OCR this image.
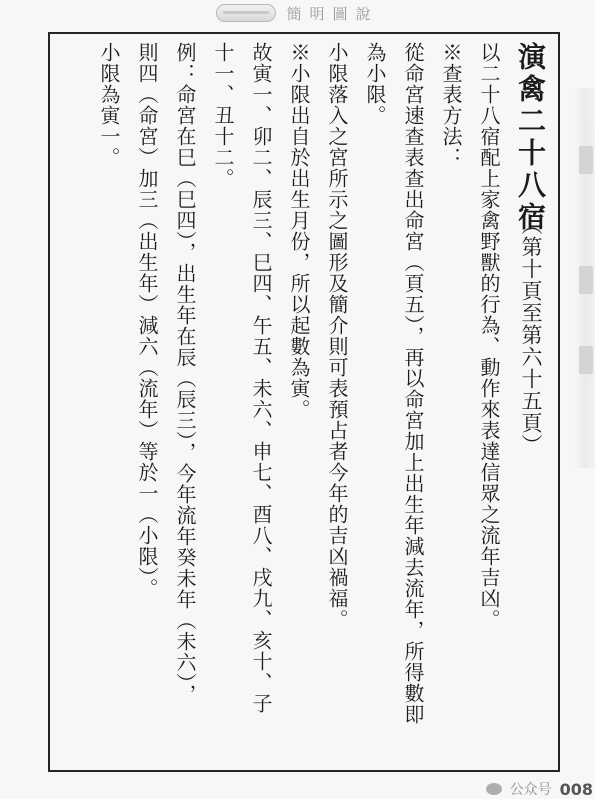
簡明圖說
演禽二十八宿
（第十頁至第六十五頁）
以二十八宿配上家禽野獸的行為、動作來表達信眾之流年吉凶。
※查表方法：
從命宮速查表查出命宮（頁五），再以命宮加上出生年減去流年，所得數即
為小限。
小限落入之宮所示之圖形及簡介則可表預占者今年的吉凶禍福。
※小限出自於出生月份，所以起數為寅。
故寅一、卯二、辰三、巳四、午五、未六、申七、酉八、戌九、亥十、子
十一、丑十二。
例：命宮在巳（巳四），出生年在辰（辰三），今年流年癸未年（未六），
則四（命宮）加三（出生年）減六（流年）等於一（小限）。
小限為寅一。
公众号 008
